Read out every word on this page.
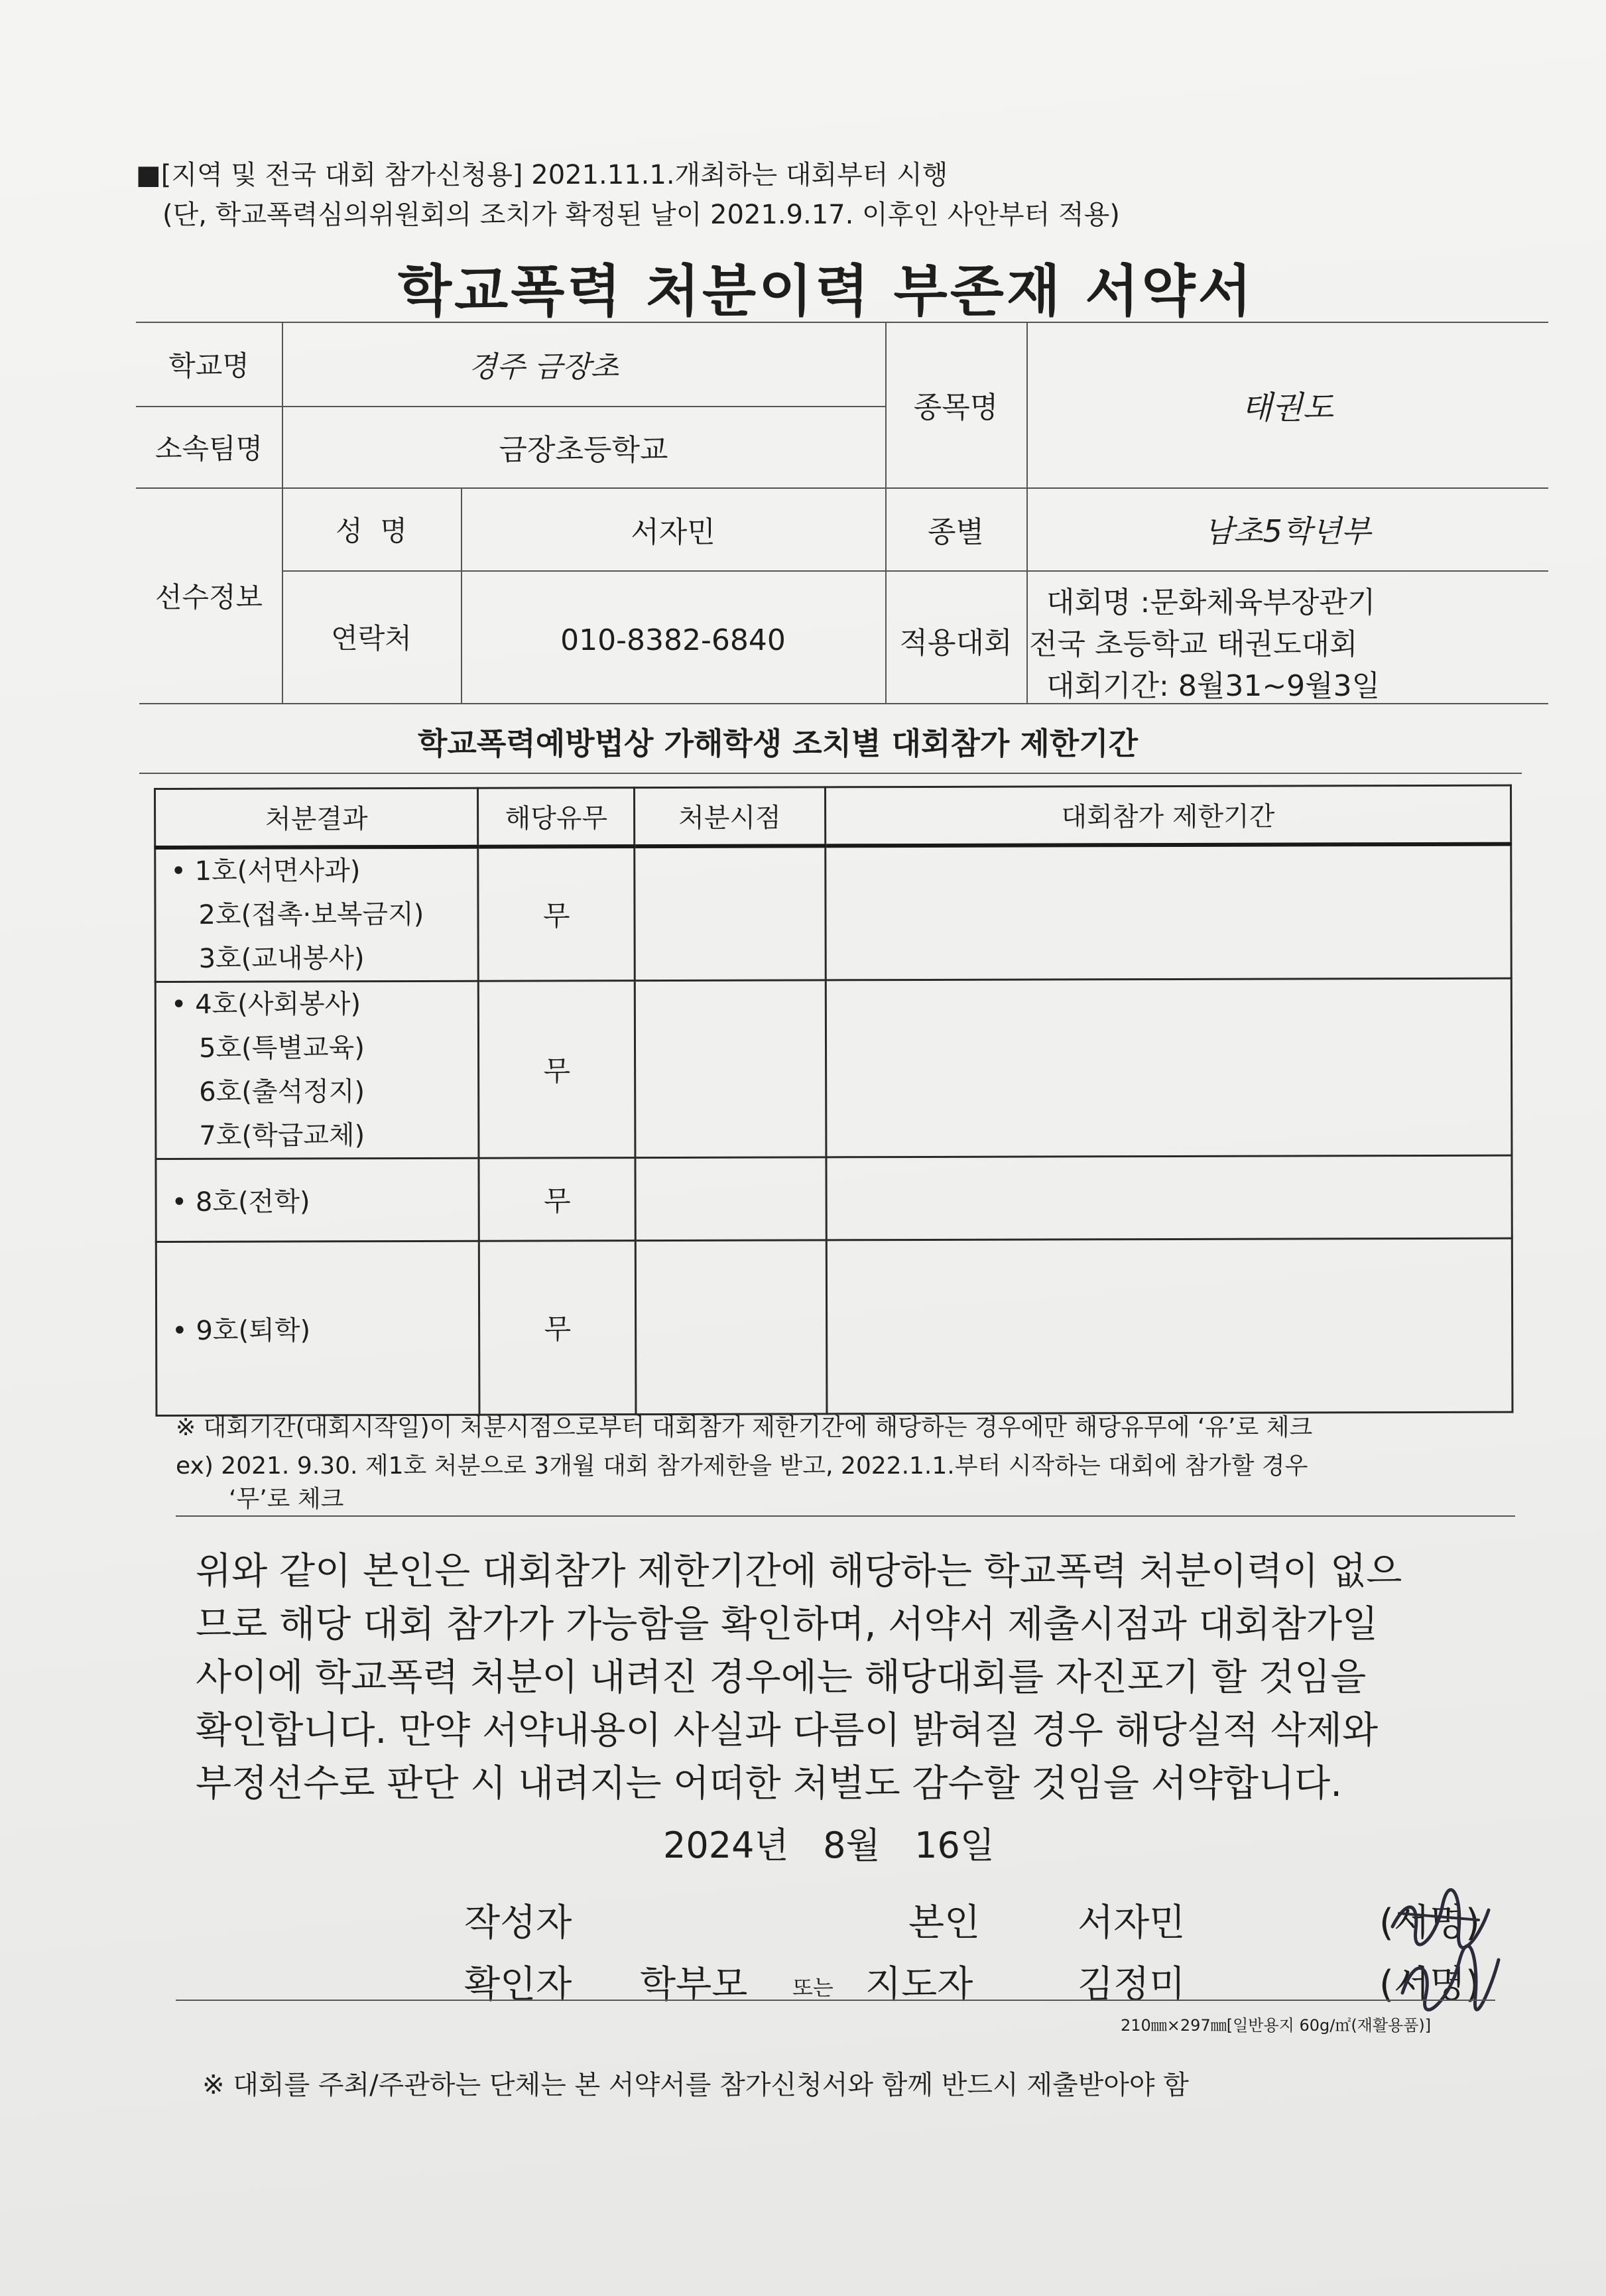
■[지역 및 전국 대회 참가신청용] 2021.11.1.개최하는 대회부터 시행
(단, 학교폭력심의위원회의 조치가 확정된 날이 2021.9.17. 이후인 사안부터 적용)
학교폭력 처분이력 부존재 서약서
학교명	경주 금장초
소속팀명	금장초등학교
종목명	태권도
선수정보
성  명	서자민	종별	남초5학년부
연락처	010-8382-6840	적용대회
대회명 :문화체육부장관기
전국 초등학교 태권도대회
대회기간: 8월31~9월3일
학교폭력예방법상 가해학생 조치별 대회참가 제한기간
처분결과	해당유무	처분시점	대회참가 제한기간

• 1호(서면사과)
2호(접촉·보복금지)
3호(교내봉사)	무		

• 4호(사회봉사)
5호(특별교육)
6호(출석정지)
7호(학급교체)	무		

• 8호(전학)	무		

• 9호(퇴학)	무		
※ 대회기간(대회시작일)이 처분시점으로부터 대회참가 제한기간에 해당하는 경우에만 해당유무에 ‘유’로 체크
ex) 2021. 9.30. 제1호 처분으로 3개월 대회 참가제한을 받고, 2022.1.1.부터 시작하는 대회에 참가할 경우
‘무’로 체크
위와 같이 본인은 대회참가 제한기간에 해당하는 학교폭력 처분이력이 없으
므로 해당 대회 참가가 가능함을 확인하며, 서약서 제출시점과 대회참가일
사이에 학교폭력 처분이 내려진 경우에는 해당대회를 자진포기 할 것임을
확인합니다. 만약 서약내용이 사실과 다름이 밝혀질 경우 해당실적 삭제와
부정선수로 판단 시 내려지는 어떠한 처벌도 감수할 것임을 서약합니다.
2024년   8월   16일
작성자	본인	서자민	(서명)
확인자 학부모 또는 지도자	김정미	(서명)
210㎜×297㎜[일반용지 60g/㎡(재활용품)]
※ 대회를 주최/주관하는 단체는 본 서약서를 참가신청서와 함께 반드시 제출받아야 함
